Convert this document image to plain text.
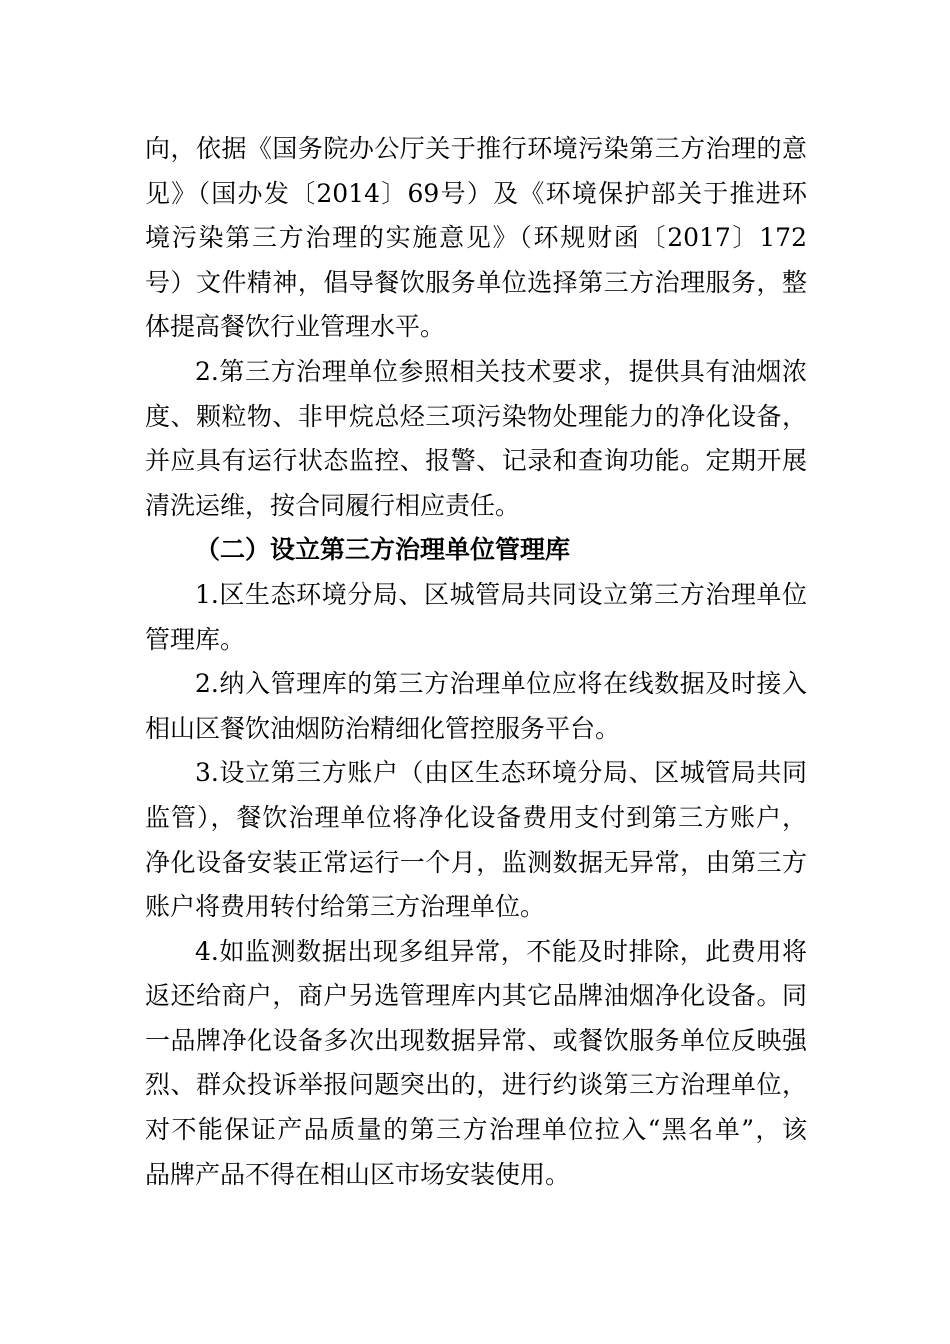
向，依据《国务院办公厅关于推行环境污染第三方治理的意
见》（国办发〔2014〕69号）及《环境保护部关于推进环
境污染第三方治理的实施意见》（环规财函〔2017〕172
号）文件精神，倡导餐饮服务单位选择第三方治理服务，整
体提高餐饮行业管理水平。
2.第三方治理单位参照相关技术要求，提供具有油烟浓
度、颗粒物、非甲烷总烃三项污染物处理能力的净化设备，
并应具有运行状态监控、报警、记录和查询功能。定期开展
清洗运维，按合同履行相应责任。
（二）设立第三方治理单位管理库
1.区生态环境分局、区城管局共同设立第三方治理单位
管理库。
2.纳入管理库的第三方治理单位应将在线数据及时接入
相山区餐饮油烟防治精细化管控服务平台。
3.设立第三方账户（由区生态环境分局、区城管局共同
监管），餐饮治理单位将净化设备费用支付到第三方账户，
净化设备安装正常运行一个月，监测数据无异常，由第三方
账户将费用转付给第三方治理单位。
4.如监测数据出现多组异常，不能及时排除，此费用将
返还给商户，商户另选管理库内其它品牌油烟净化设备。同
一品牌净化设备多次出现数据异常、或餐饮服务单位反映强
烈、群众投诉举报问题突出的，进行约谈第三方治理单位，
对不能保证产品质量的第三方治理单位拉入“黑名单”，该
品牌产品不得在相山区市场安装使用。
